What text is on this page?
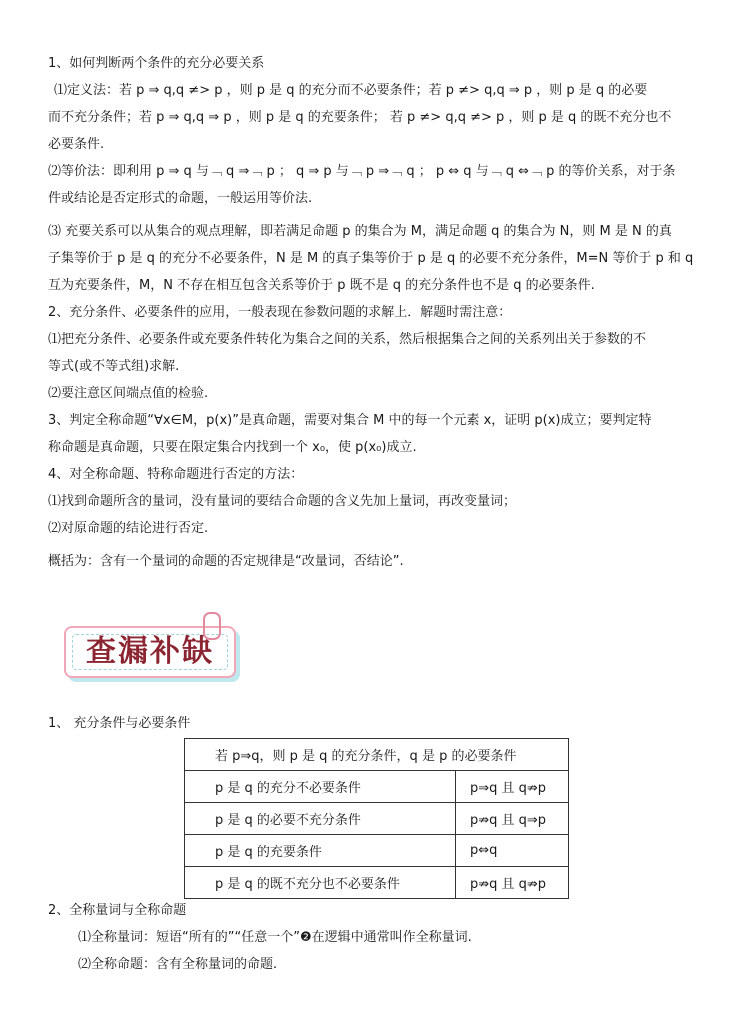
1、如何判断两个条件的充分必要关系

⑴定义法：若 p ⇒ q,q ≠> p ，则 p 是 q 的充分而不必要条件；若 p ≠> q,q ⇒ p ，则 p 是 q 的必要

而不充分条件；若 p ⇒ q,q ⇒ p ，则 p 是 q 的充要条件； 若 p ≠> q,q ≠> p ，则 p 是 q 的既不充分也不

必要条件.

⑵等价法：即利用 p ⇒ q 与﹁ q ⇒﹁ p ； q ⇒ p 与﹁ p ⇒﹁ q ； p ⇔ q 与﹁ q ⇔﹁ p 的等价关系，对于条

件或结论是否定形式的命题，一般运用等价法.

⑶ 充要关系可以从集合的观点理解，即若满足命题 p 的集合为 M，满足命题 q 的集合为 N，则 M 是 N 的真

子集等价于 p 是 q 的充分不必要条件，N 是 M 的真子集等价于 p 是 q 的必要不充分条件，M=N 等价于 p 和 q

互为充要条件，M，N 不存在相互包含关系等价于 p 既不是 q 的充分条件也不是 q 的必要条件.

2、充分条件、必要条件的应用，一般表现在参数问题的求解上．解题时需注意：

⑴把充分条件、必要条件或充要条件转化为集合之间的关系，然后根据集合之间的关系列出关于参数的不

等式(或不等式组)求解.

⑵要注意区间端点值的检验.

3、判定全称命题“∀x∈M，p(x)”是真命题，需要对集合 M 中的每一个元素 x，证明 p(x)成立；要判定特

称命题是真命题，只要在限定集合内找到一个 x₀，使 p(x₀)成立.

4、对全称命题、特称命题进行否定的方法：

⑴找到命题所含的量词，没有量词的要结合命题的含义先加上量词，再改变量词；

⑵对原命题的结论进行否定.

概括为：含有一个量词的命题的否定规律是“改量词，否结论”.

查漏补缺

1、 充分条件与必要条件

若 p⇒q，则 p 是 q 的充分条件，q 是 p 的必要条件	
p 是 q 的充分不必要条件	p⇒q 且 q⇏p
p 是 q 的必要不充分条件	p⇏q 且 q⇒p
p 是 q 的充要条件	p⇔q
p 是 q 的既不充分也不必要条件	p⇏q 且 q⇏p

2、全称量词与全称命题

⑴全称量词：短语“所有的”“任意一个”❷在逻辑中通常叫作全称量词.

⑵全称命题：含有全称量词的命题.
